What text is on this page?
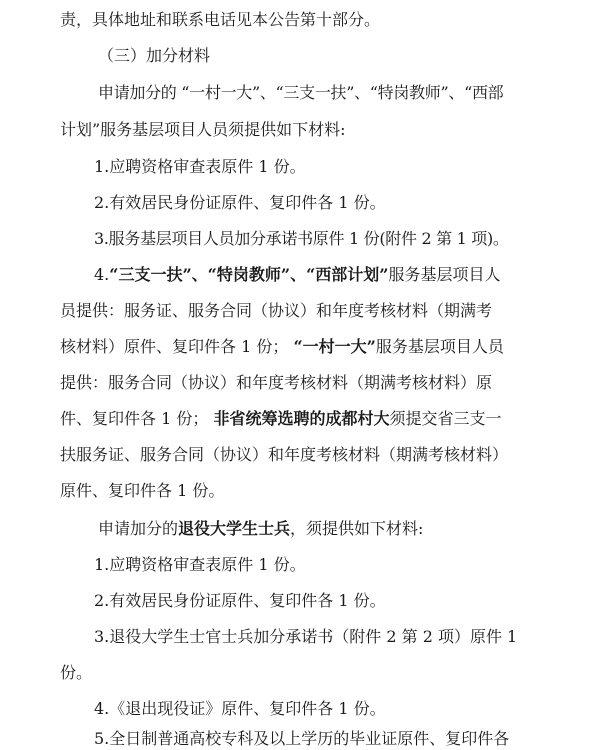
责，具体地址和联系电话见本公告第十部分。
（三）加分材料
申请加分的 “一村一大”、“三支一扶”、“特岗教师”、“西部
计划”服务基层项目人员须提供如下材料:
1.应聘资格审查表原件 1 份。
2.有效居民身份证原件、复印件各 1 份。
3.服务基层项目人员加分承诺书原件 1 份(附件 2 第 1 项)。
4.“三支一扶”、“特岗教师”、“西部计划”服务基层项目人
员提供：服务证、服务合同（协议）和年度考核材料（期满考
核材料）原件、复印件各 1 份； “一村一大”服务基层项目人员
提供：服务合同（协议）和年度考核材料（期满考核材料）原
件、复印件各 1 份； 非省统筹选聘的成都村大须提交省三支一
扶服务证、服务合同（协议）和年度考核材料（期满考核材料）
原件、复印件各 1 份。
申请加分的退役大学生士兵，须提供如下材料:
1.应聘资格审查表原件 1 份。
2.有效居民身份证原件、复印件各 1 份。
3.退役大学生士官士兵加分承诺书（附件 2 第 2 项）原件 1
份。
4.《退出现役证》原件、复印件各 1 份。
5.全日制普通高校专科及以上学历的毕业证原件、复印件各
